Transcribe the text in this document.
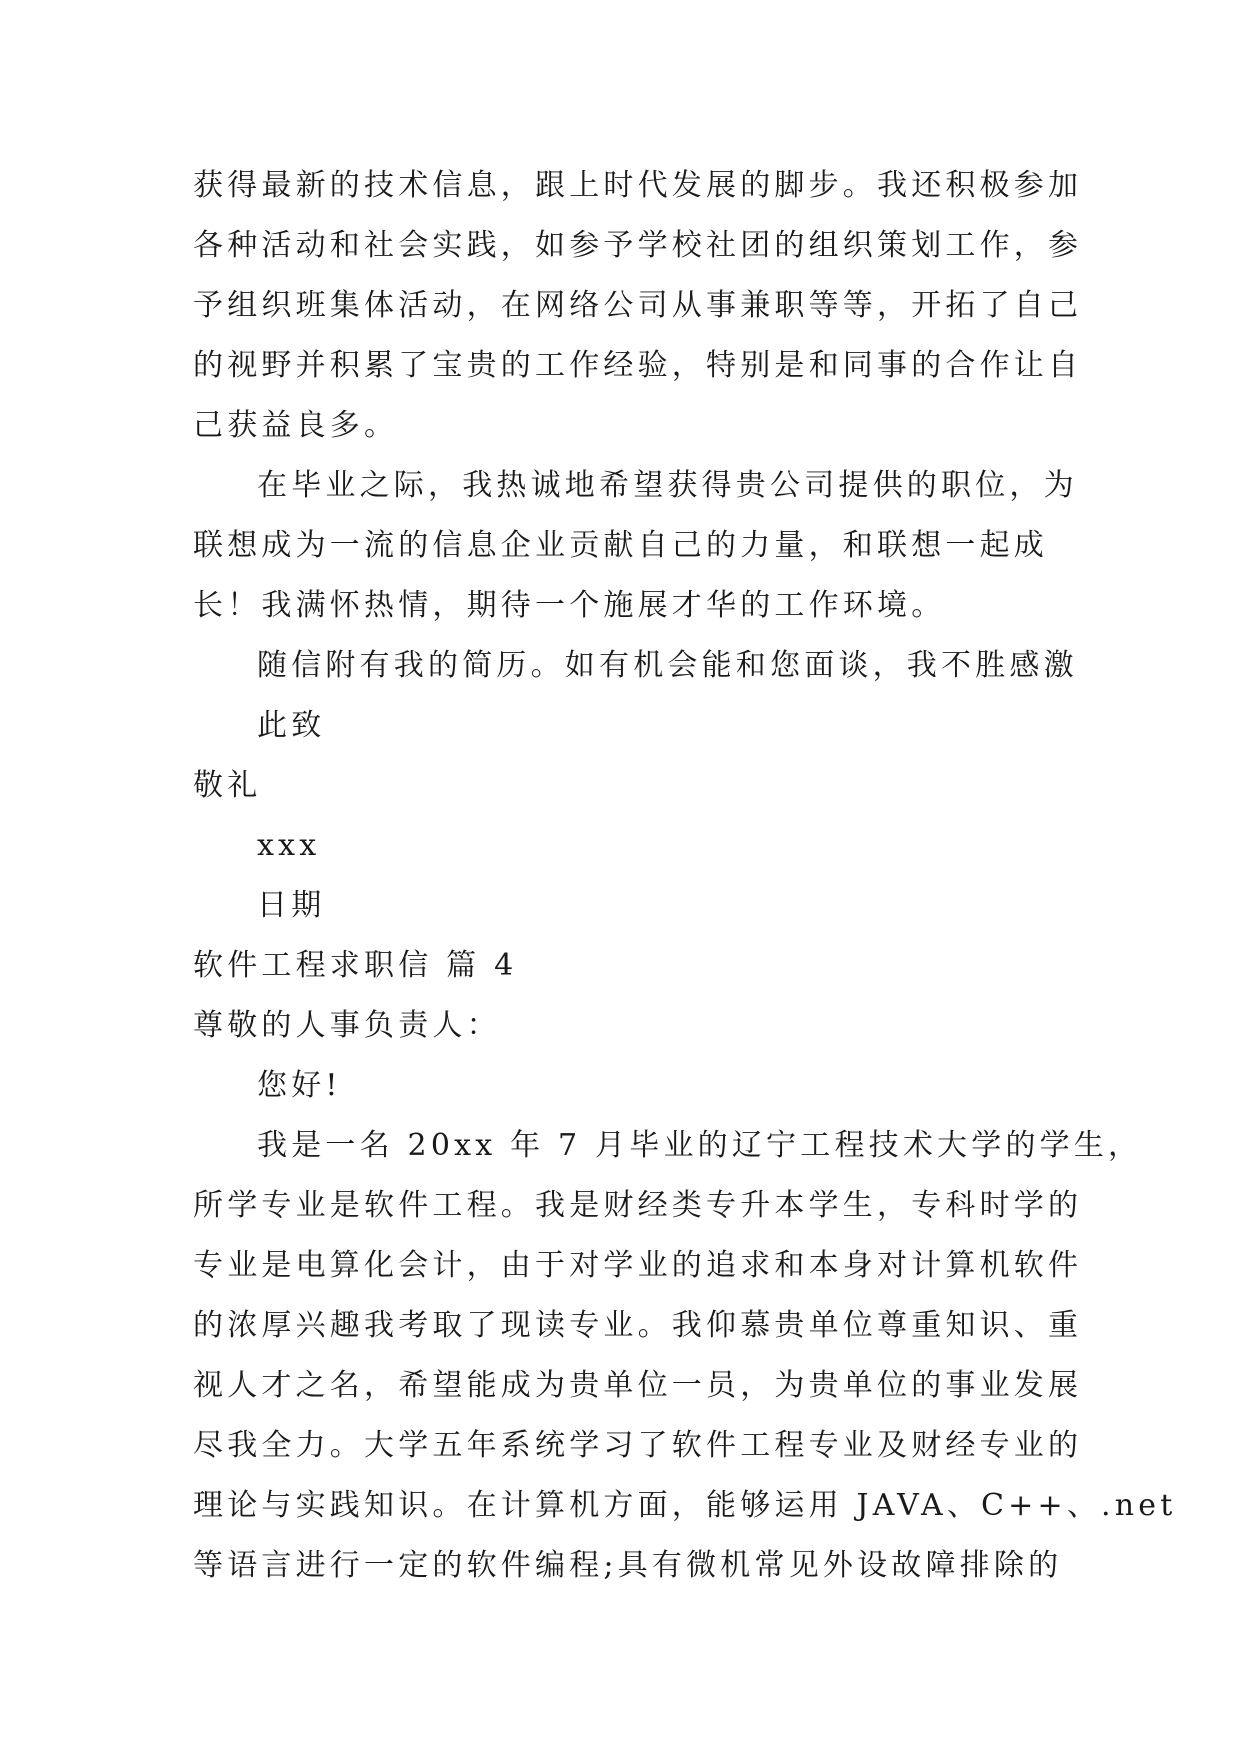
获得最新的技术信息，跟上时代发展的脚步。我还积极参加
各种活动和社会实践，如参予学校社团的组织策划工作，参
予组织班集体活动，在网络公司从事兼职等等，开拓了自己
的视野并积累了宝贵的工作经验，特别是和同事的合作让自
己获益良多。
在毕业之际，我热诚地希望获得贵公司提供的职位，为
联想成为一流的信息企业贡献自己的力量，和联想一起成
长！我满怀热情，期待一个施展才华的工作环境。
随信附有我的简历。如有机会能和您面谈，我不胜感激
此致
敬礼
xxx
日期
软件工程求职信 篇 4
尊敬的人事负责人：
您好!
我是一名 20xx 年 7 月毕业的辽宁工程技术大学的学生，
所学专业是软件工程。我是财经类专升本学生，专科时学的
专业是电算化会计，由于对学业的追求和本身对计算机软件
的浓厚兴趣我考取了现读专业。我仰慕贵单位尊重知识、重
视人才之名，希望能成为贵单位一员，为贵单位的事业发展
尽我全力。大学五年系统学习了软件工程专业及财经专业的
理论与实践知识。在计算机方面，能够运用 JAVA、C++、.net
等语言进行一定的软件编程;具有微机常见外设故障排除的
